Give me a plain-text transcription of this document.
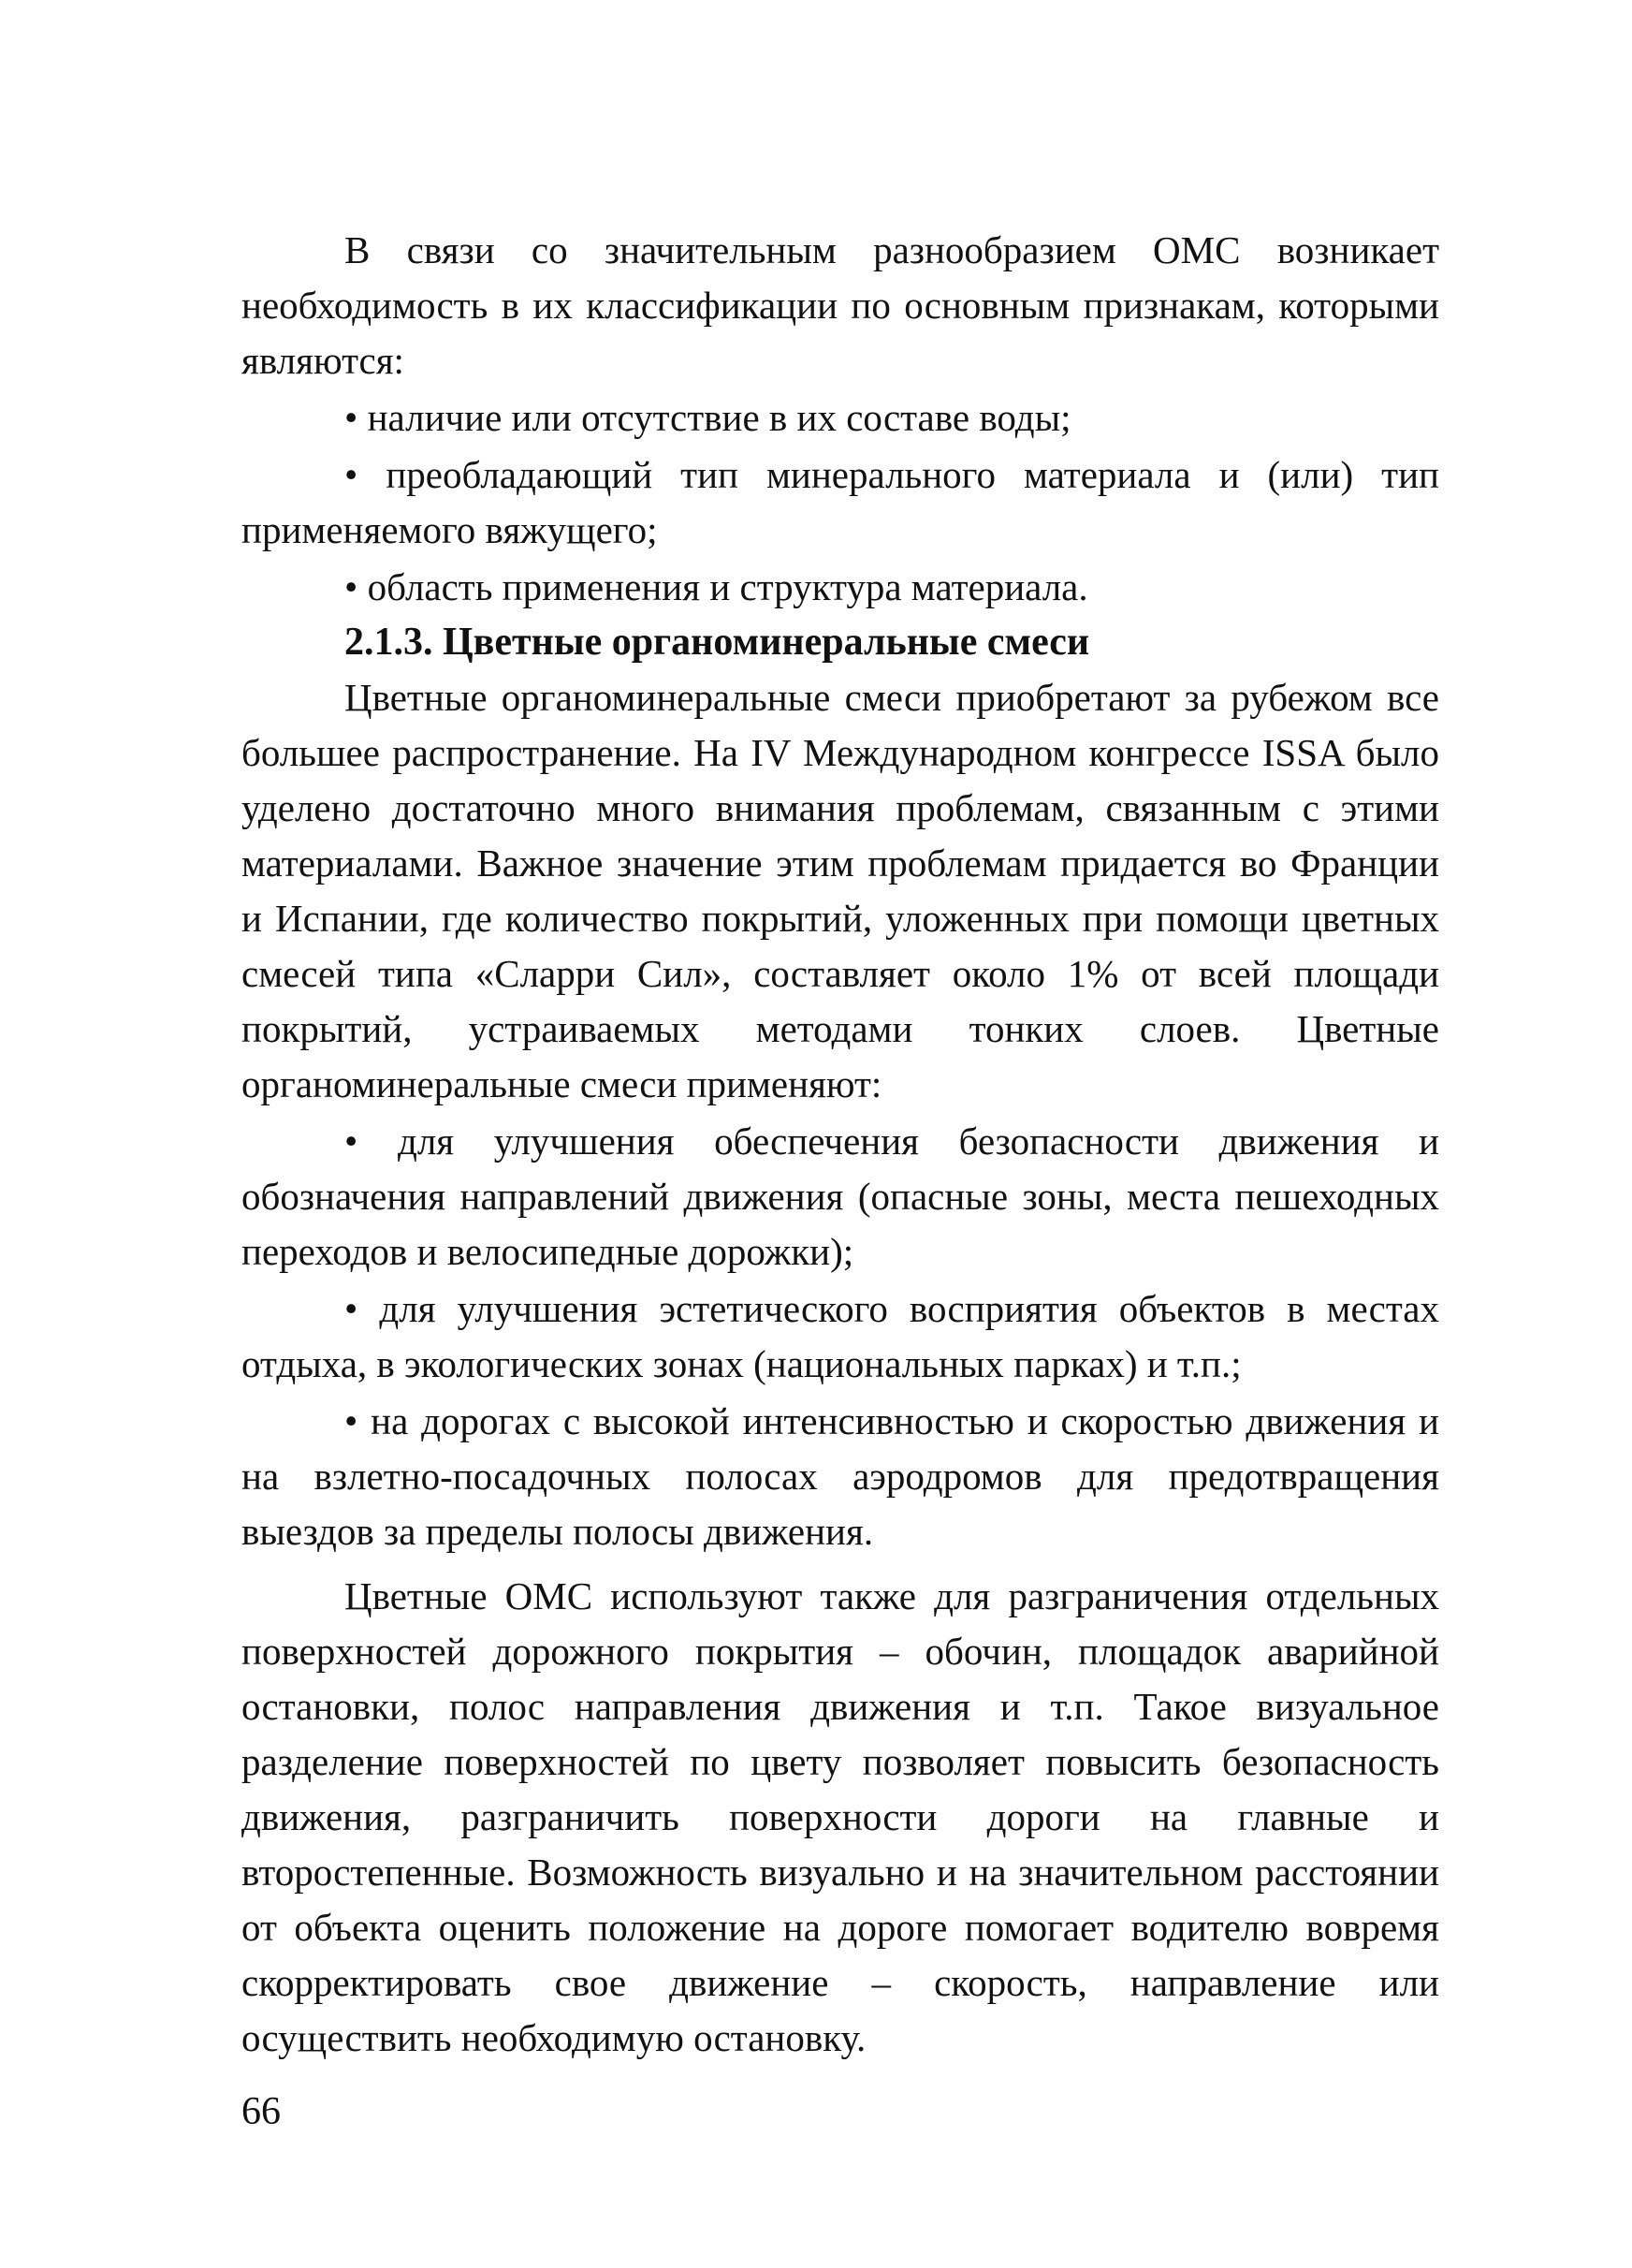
В связи со значительным разнообразием ОМС возникает необходимость в их классификации по основным признакам, которыми являются:

• наличие или отсутствие в их составе воды;

• преобладающий тип минерального материала и (или) тип применяемого вяжущего;

• область применения и структура материала.

2.1.3. Цветные органоминеральные смеси

Цветные органоминеральные смеси приобретают за рубежом все большее распространение. На IV Международном конгрессе ISSA было уделено достаточно много внимания проблемам, связанным с этими материалами. Важное значение этим проблемам придается во Франции и Испании, где количество покрытий, уложенных при помощи цветных смесей типа «Сларри Сил», составляет около 1% от всей площади покрытий, устраиваемых методами тонких слоев. Цветные органоминеральные смеси применяют:

• для улучшения обеспечения безопасности движения и обозначения направлений движения (опасные зоны, места пешеходных переходов и велосипедные дорожки);

• для улучшения эстетического восприятия объектов в местах отдыха, в экологических зонах (национальных парках) и т.п.;

• на дорогах с высокой интенсивностью и скоростью движения и на взлетно-посадочных полосах аэродромов для предотвращения выездов за пределы полосы движения.

Цветные ОМС используют также для разграничения отдельных поверхностей дорожного покрытия – обочин, площадок аварийной остановки, полос направления движения и т.п. Такое визуальное разделение поверхностей по цвету позволяет повысить безопасность движения, разграничить поверхности дороги на главные и второстепенные. Возможность визуально и на значительном расстоянии от объекта оценить положение на дороге помогает водителю вовремя скорректировать свое движение – скорость, направление или осуществить необходимую остановку.

66
